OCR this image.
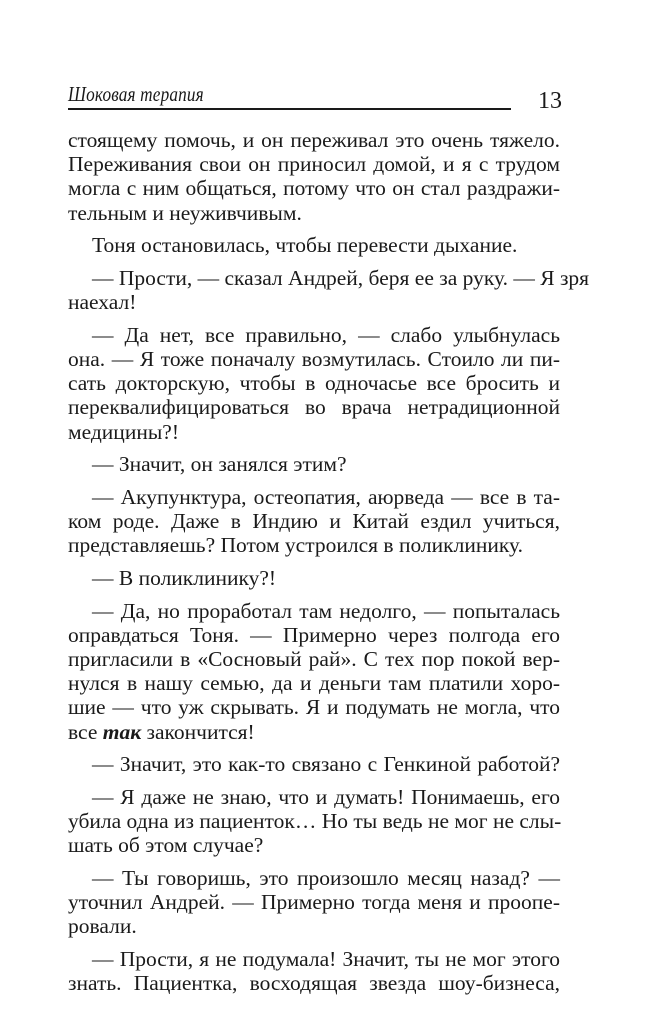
Шоковая терапия	13
стоящему помочь, и он переживал это очень тяжело.
Переживания свои он приносил домой, и я с трудом
могла с ним общаться, потому что он стал раздражи-
тельным и неуживчивым.
Тоня остановилась, чтобы перевести дыхание.
— Прости, — сказал Андрей, беря ее за руку. — Я зря
наехал!
— Да нет, все правильно, — слабо улыбнулась
она. — Я тоже поначалу возмутилась. Стоило ли пи-
сать докторскую, чтобы в одночасье все бросить и
переквалифицироваться во врача нетрадиционной
медицины?!
— Значит, он занялся этим?
— Акупунктура, остеопатия, аюрведа — все в та-
ком роде. Даже в Индию и Китай ездил учиться,
представляешь? Потом устроился в поликлинику.
— В поликлинику?!
— Да, но проработал там недолго, — попыталась
оправдаться Тоня. — Примерно через полгода его
пригласили в «Сосновый рай». С тех пор покой вер-
нулся в нашу семью, да и деньги там платили хоро-
шие — что уж скрывать. Я и подумать не могла, что
все так закончится!
— Значит, это как-то связано с Генкиной работой?
— Я даже не знаю, что и думать! Понимаешь, его
убила одна из пациенток… Но ты ведь не мог не слы-
шать об этом случае?
— Ты говоришь, это произошло месяц назад? —
уточнил Андрей. — Примерно тогда меня и проопе-
ровали.
— Прости, я не подумала! Значит, ты не мог этого
знать. Пациентка, восходящая звезда шоу-бизнеса,
